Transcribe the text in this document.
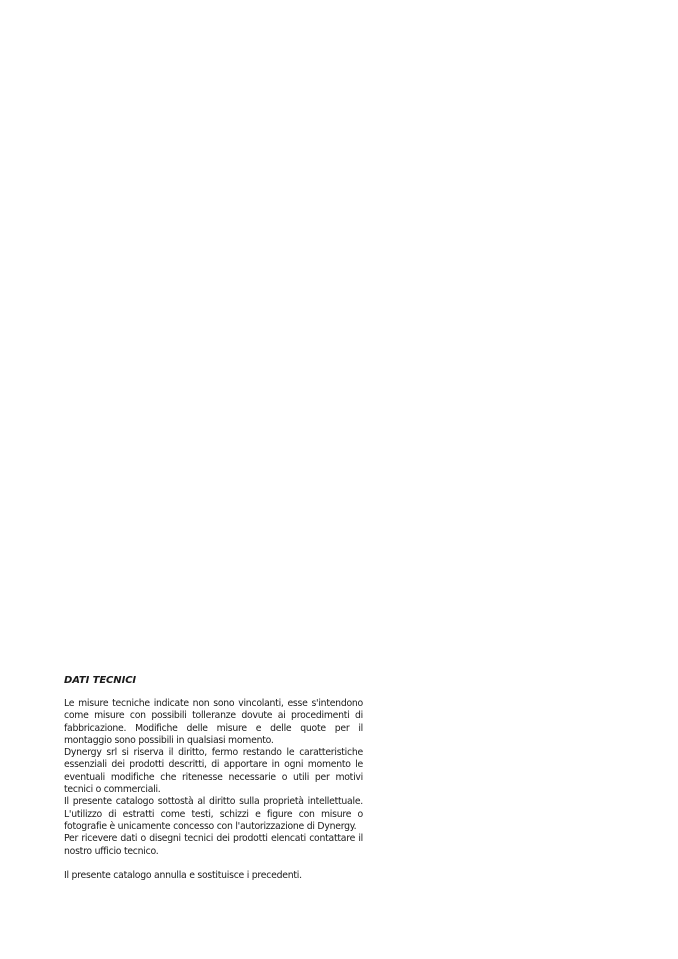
DATI TECNICI

Le misure tecniche indicate non sono vincolanti, esse s'intendono come misure con possibili tolleranze dovute ai procedimenti di fabbricazione. Modifiche delle misure e delle quote per il montaggio sono possibili in qualsiasi momento.

Dynergy srl si riserva il diritto, fermo restando le caratteristiche essenziali dei prodotti descritti, di apportare in ogni momento le eventuali modifiche che ritenesse necessarie o utili per motivi tecnici o commerciali.

Il presente catalogo sottostà al diritto sulla proprietà intellettuale. L'utilizzo di estratti come testi, schizzi e figure con misure o fotografie è unicamente concesso con l'autorizzazione di Dynergy.

Per ricevere dati o disegni tecnici dei prodotti elencati contattare il nostro ufficio tecnico.

Il presente catalogo annulla e sostituisce i precedenti.
